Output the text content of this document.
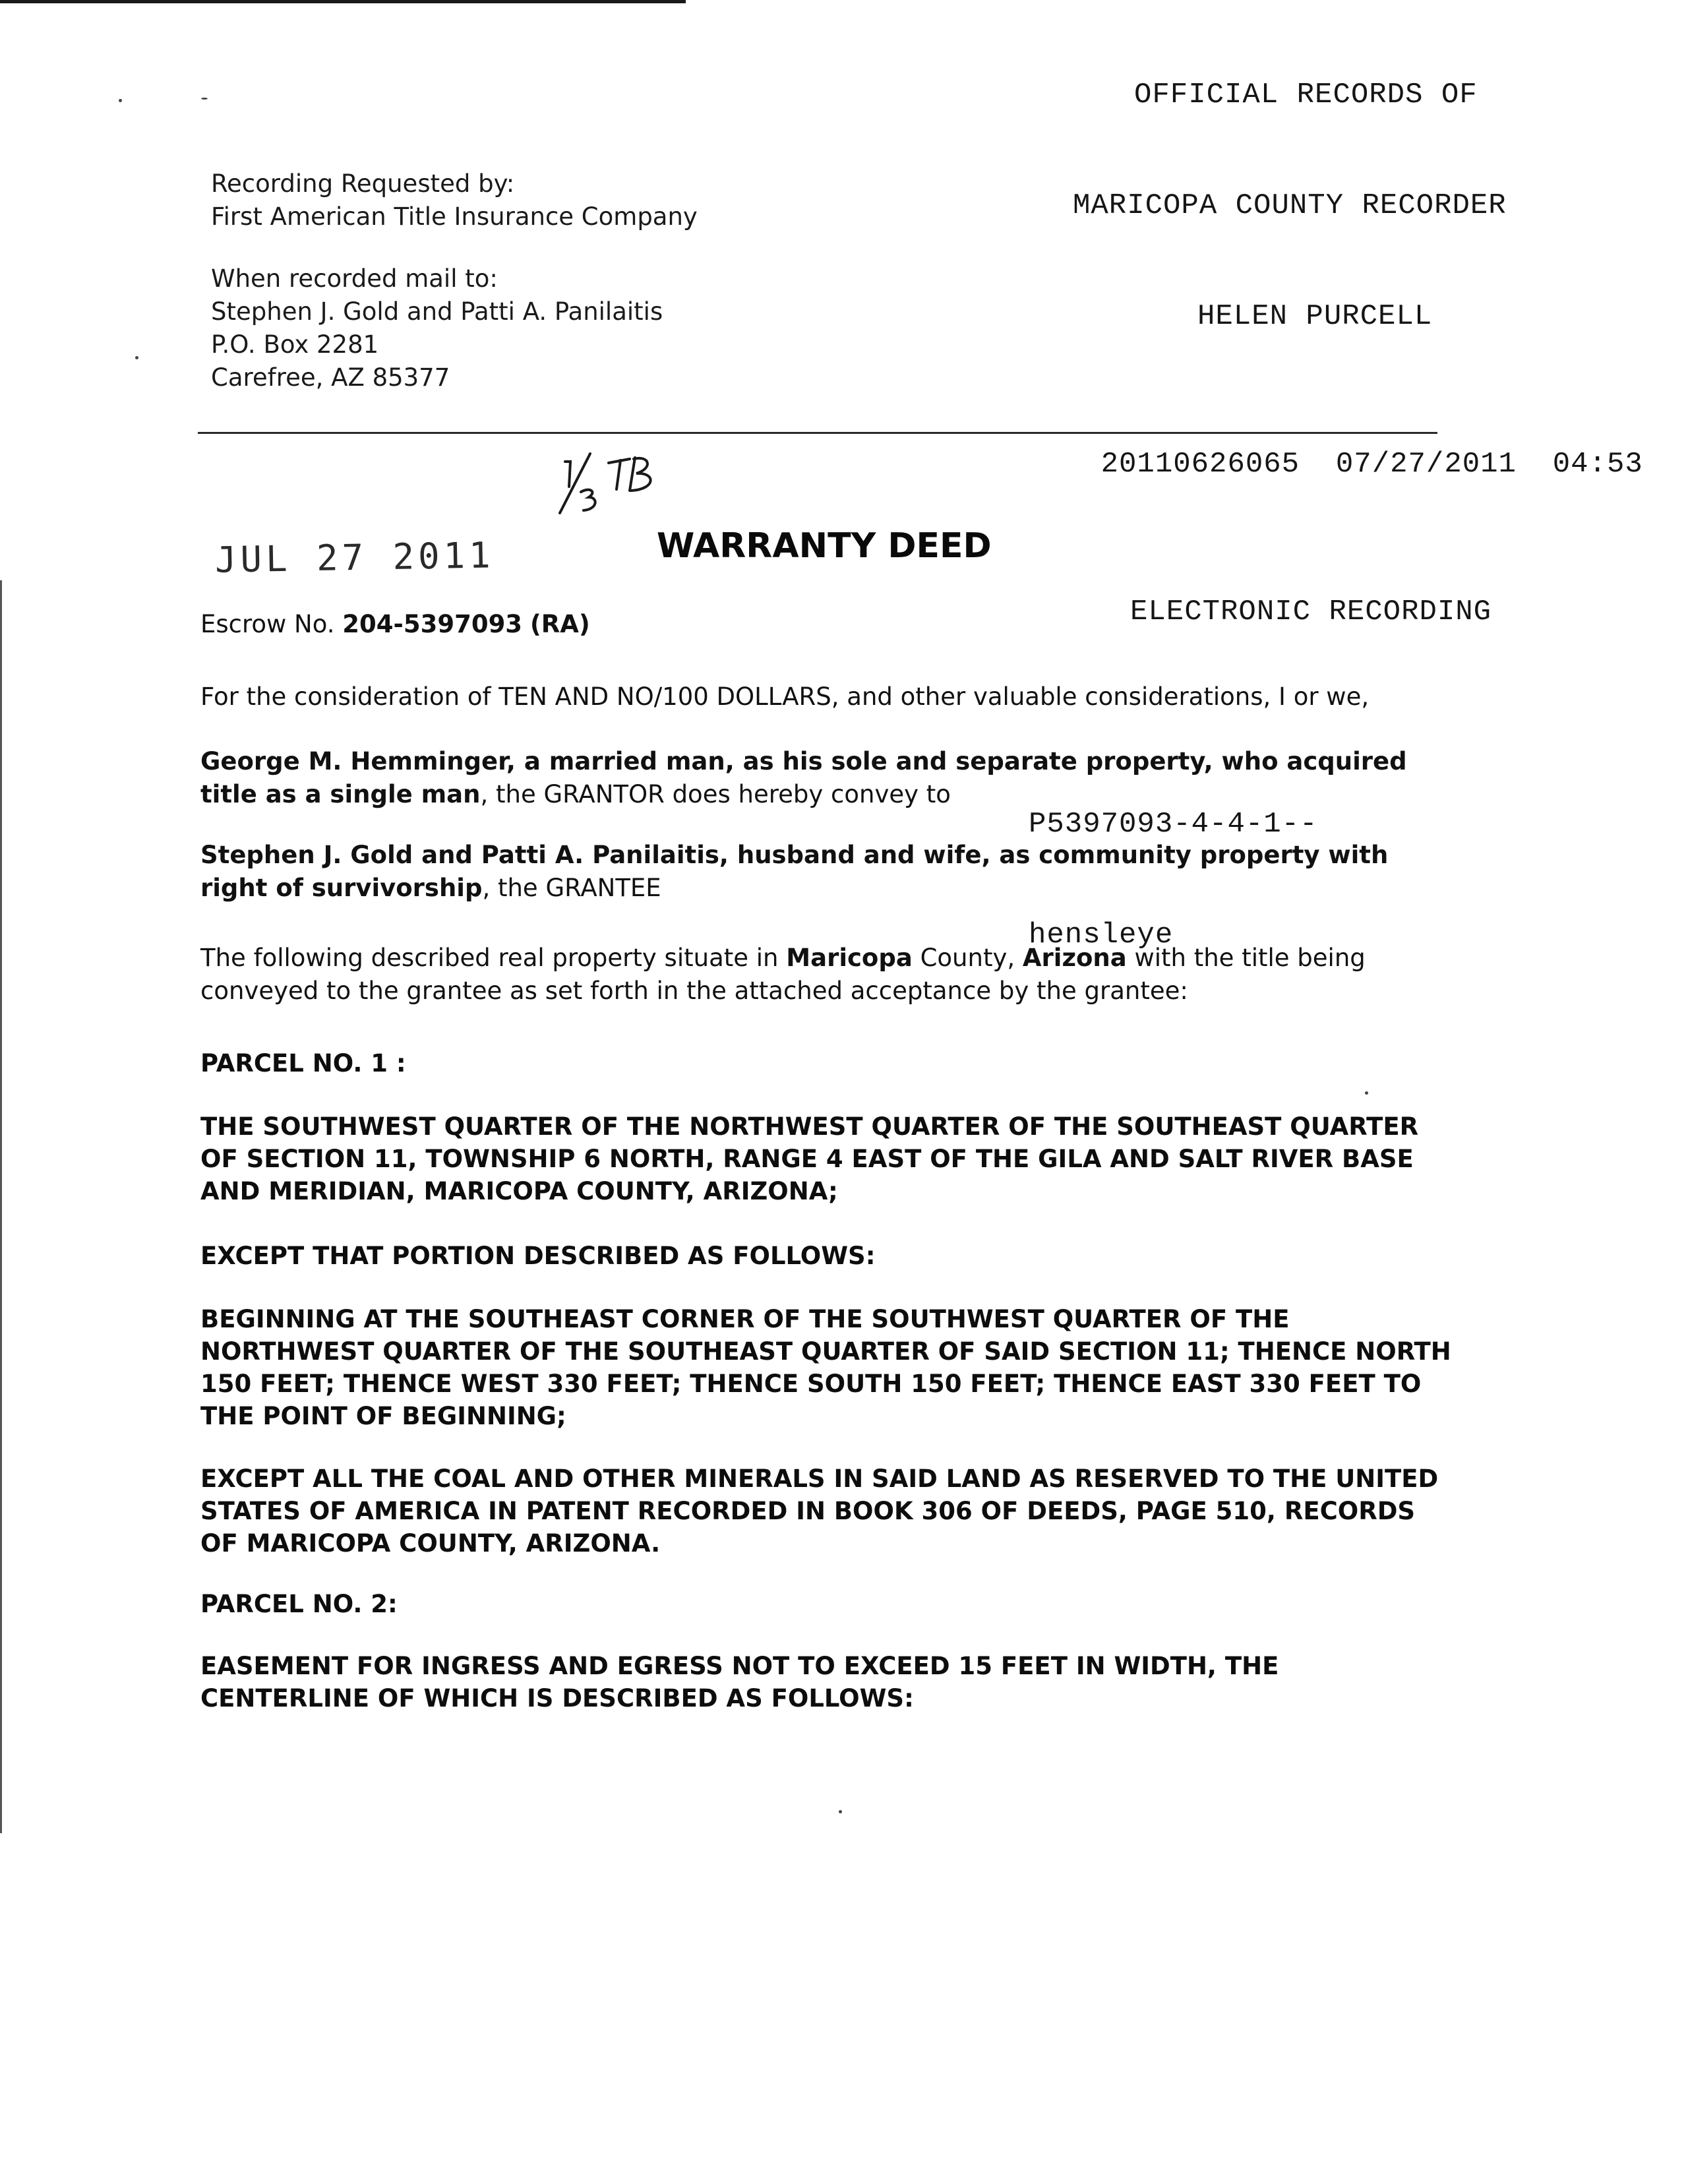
OFFICIAL RECORDS OF

MARICOPA COUNTY RECORDER

HELEN PURCELL

20110626065 07/27/2011 04:53

ELECTRONIC RECORDING

P5397093-4-4-1--

hensleye

Recording Requested by:
First American Title Insurance Company
When recorded mail to:
Stephen J. Gold and Patti A. Panilaitis
P.O. Box 2281
Carefree, AZ 85377
JUL 27 2011	WARRANTY DEED
Escrow No. 204-5397093 (RA)
For the consideration of TEN AND NO/100 DOLLARS, and other valuable considerations, I or we,
George M. Hemminger, a married man, as his sole and separate property, who acquired title as a single man, the GRANTOR does hereby convey to
Stephen J. Gold and Patti A. Panilaitis, husband and wife, as community property with right of survivorship, the GRANTEE
The following described real property situate in Maricopa County, Arizona with the title being conveyed to the grantee as set forth in the attached acceptance by the grantee:
PARCEL NO. 1 :
THE SOUTHWEST QUARTER OF THE NORTHWEST QUARTER OF THE SOUTHEAST QUARTER OF SECTION 11, TOWNSHIP 6 NORTH, RANGE 4 EAST OF THE GILA AND SALT RIVER BASE AND MERIDIAN, MARICOPA COUNTY, ARIZONA;
EXCEPT THAT PORTION DESCRIBED AS FOLLOWS:
BEGINNING AT THE SOUTHEAST CORNER OF THE SOUTHWEST QUARTER OF THE NORTHWEST QUARTER OF THE SOUTHEAST QUARTER OF SAID SECTION 11; THENCE NORTH 150 FEET; THENCE WEST 330 FEET; THENCE SOUTH 150 FEET; THENCE EAST 330 FEET TO THE POINT OF BEGINNING;
EXCEPT ALL THE COAL AND OTHER MINERALS IN SAID LAND AS RESERVED TO THE UNITED STATES OF AMERICA IN PATENT RECORDED IN BOOK 306 OF DEEDS, PAGE 510, RECORDS OF MARICOPA COUNTY, ARIZONA.
PARCEL NO. 2:
EASEMENT FOR INGRESS AND EGRESS NOT TO EXCEED 15 FEET IN WIDTH, THE CENTERLINE OF WHICH IS DESCRIBED AS FOLLOWS:
